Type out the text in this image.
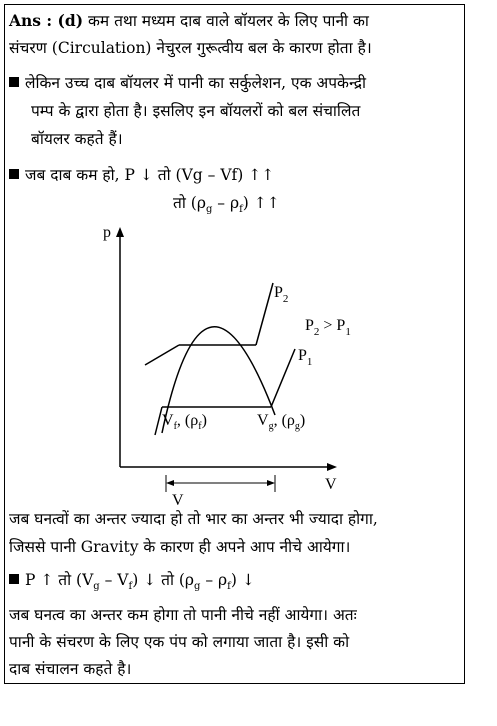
Ans : (d) कम तथा मध्यम दाब वाले बॉयलर के लिए पानी का
संचरण (Circulation) नेचुरल गुरूत्वीय बल के कारण होता है।
लेकिन उच्च दाब बॉयलर में पानी का सर्कुलेशन, एक अपकेन्द्री
पम्प के द्वारा होता है। इसलिए इन बॉयलरों को बल संचालित
बॉयलर कहते हैं।
जब दाब कम हो, P ↓ तो (Vg – Vf) ↑↑
तो $(\rho_g - \rho_f)$ ↑↑
p
V
$P_2$
$P_1$
$P_2 > P_1$
$V_f$, $(\rho_f)$	$V_g$, $(\rho_g)$
V
जब घनत्वों का अन्तर ज्यादा हो तो भार का अन्तर भी ज्यादा होगा,
जिससे पानी Gravity के कारण ही अपने आप नीचे आयेगा।
P ↑ तो $(V_g - V_f)$ ↓ तो $(\rho_g - \rho_f)$ ↓
जब घनत्व का अन्तर कम होगा तो पानी नीचे नहीं आयेगा। अतः
पानी के संचरण के लिए एक पंप को लगाया जाता है। इसी को
दाब संचालन कहते है।
